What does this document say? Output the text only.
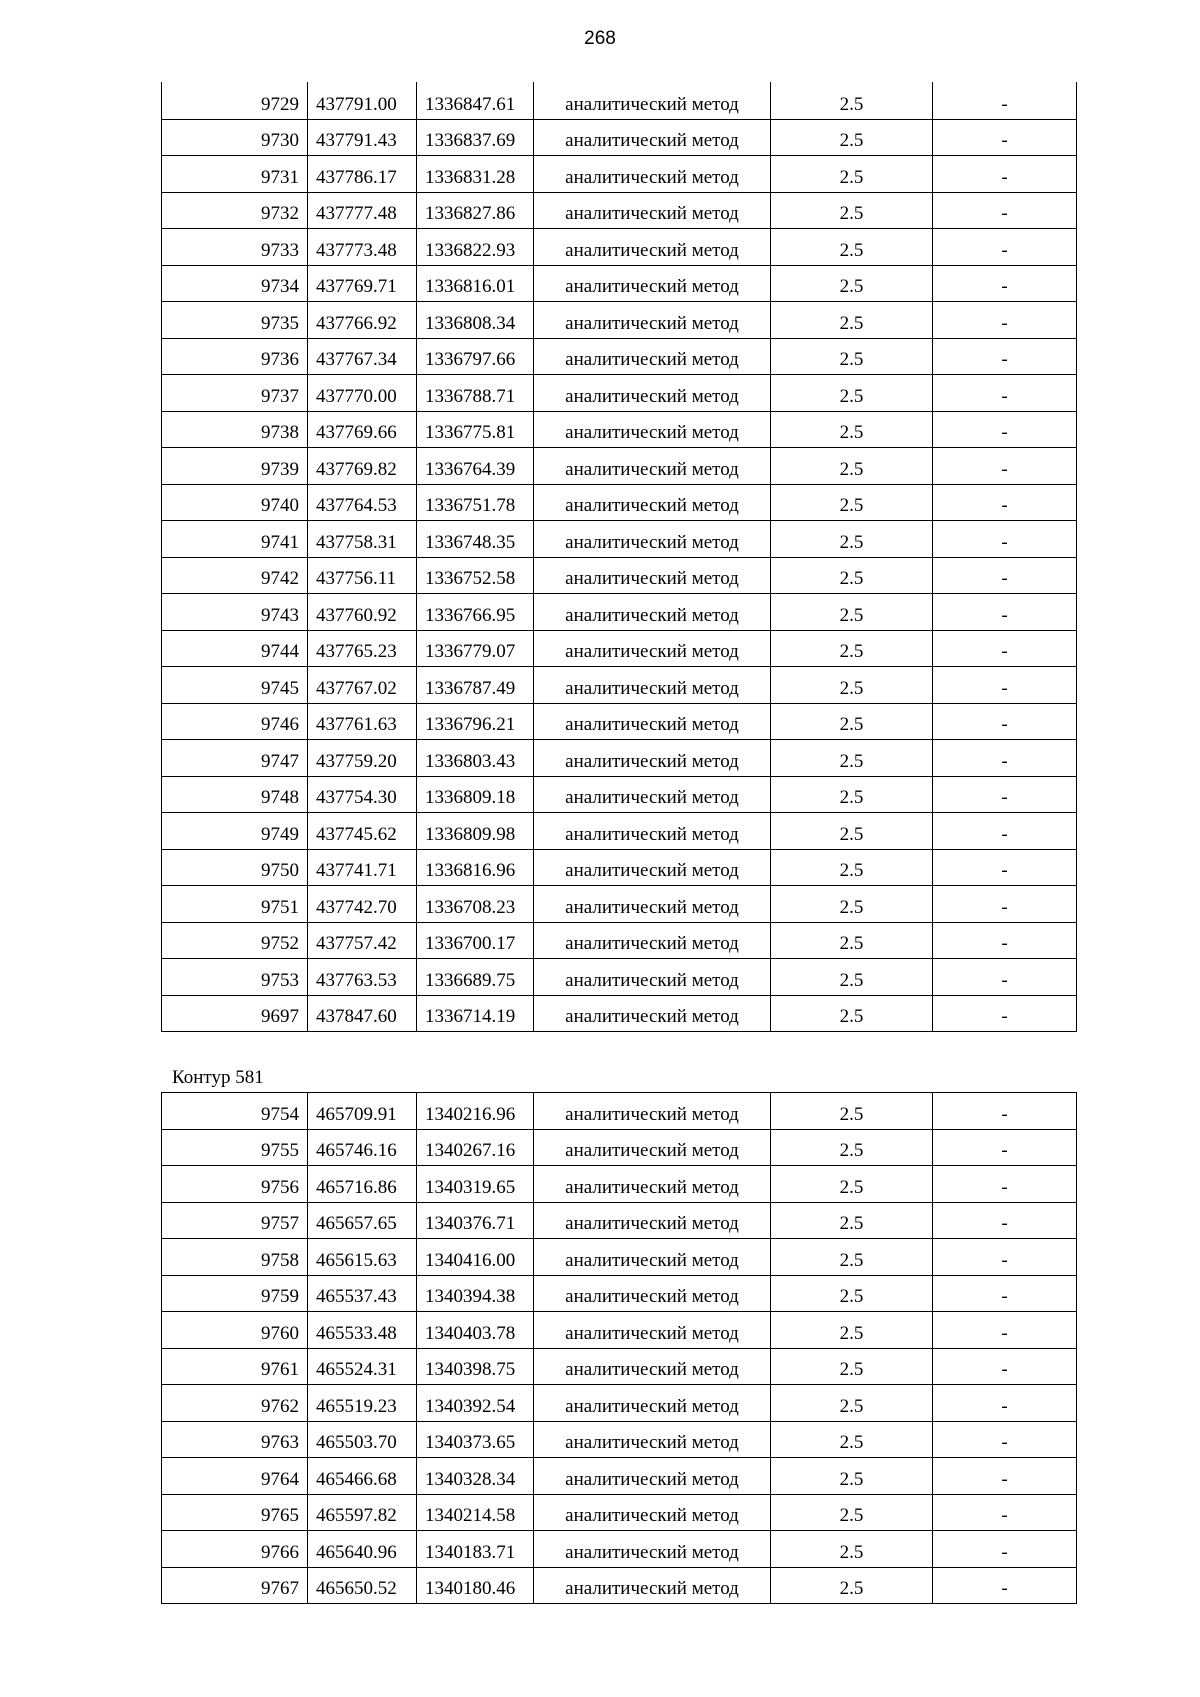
268
9729	437791.00	1336847.61	аналитический метод	2.5	-
9730	437791.43	1336837.69	аналитический метод	2.5	-
9731	437786.17	1336831.28	аналитический метод	2.5	-
9732	437777.48	1336827.86	аналитический метод	2.5	-
9733	437773.48	1336822.93	аналитический метод	2.5	-
9734	437769.71	1336816.01	аналитический метод	2.5	-
9735	437766.92	1336808.34	аналитический метод	2.5	-
9736	437767.34	1336797.66	аналитический метод	2.5	-
9737	437770.00	1336788.71	аналитический метод	2.5	-
9738	437769.66	1336775.81	аналитический метод	2.5	-
9739	437769.82	1336764.39	аналитический метод	2.5	-
9740	437764.53	1336751.78	аналитический метод	2.5	-
9741	437758.31	1336748.35	аналитический метод	2.5	-
9742	437756.11	1336752.58	аналитический метод	2.5	-
9743	437760.92	1336766.95	аналитический метод	2.5	-
9744	437765.23	1336779.07	аналитический метод	2.5	-
9745	437767.02	1336787.49	аналитический метод	2.5	-
9746	437761.63	1336796.21	аналитический метод	2.5	-
9747	437759.20	1336803.43	аналитический метод	2.5	-
9748	437754.30	1336809.18	аналитический метод	2.5	-
9749	437745.62	1336809.98	аналитический метод	2.5	-
9750	437741.71	1336816.96	аналитический метод	2.5	-
9751	437742.70	1336708.23	аналитический метод	2.5	-
9752	437757.42	1336700.17	аналитический метод	2.5	-
9753	437763.53	1336689.75	аналитический метод	2.5	-
9697	437847.60	1336714.19	аналитический метод	2.5	-
Контур 581
9754	465709.91	1340216.96	аналитический метод	2.5	-
9755	465746.16	1340267.16	аналитический метод	2.5	-
9756	465716.86	1340319.65	аналитический метод	2.5	-
9757	465657.65	1340376.71	аналитический метод	2.5	-
9758	465615.63	1340416.00	аналитический метод	2.5	-
9759	465537.43	1340394.38	аналитический метод	2.5	-
9760	465533.48	1340403.78	аналитический метод	2.5	-
9761	465524.31	1340398.75	аналитический метод	2.5	-
9762	465519.23	1340392.54	аналитический метод	2.5	-
9763	465503.70	1340373.65	аналитический метод	2.5	-
9764	465466.68	1340328.34	аналитический метод	2.5	-
9765	465597.82	1340214.58	аналитический метод	2.5	-
9766	465640.96	1340183.71	аналитический метод	2.5	-
9767	465650.52	1340180.46	аналитический метод	2.5	-
